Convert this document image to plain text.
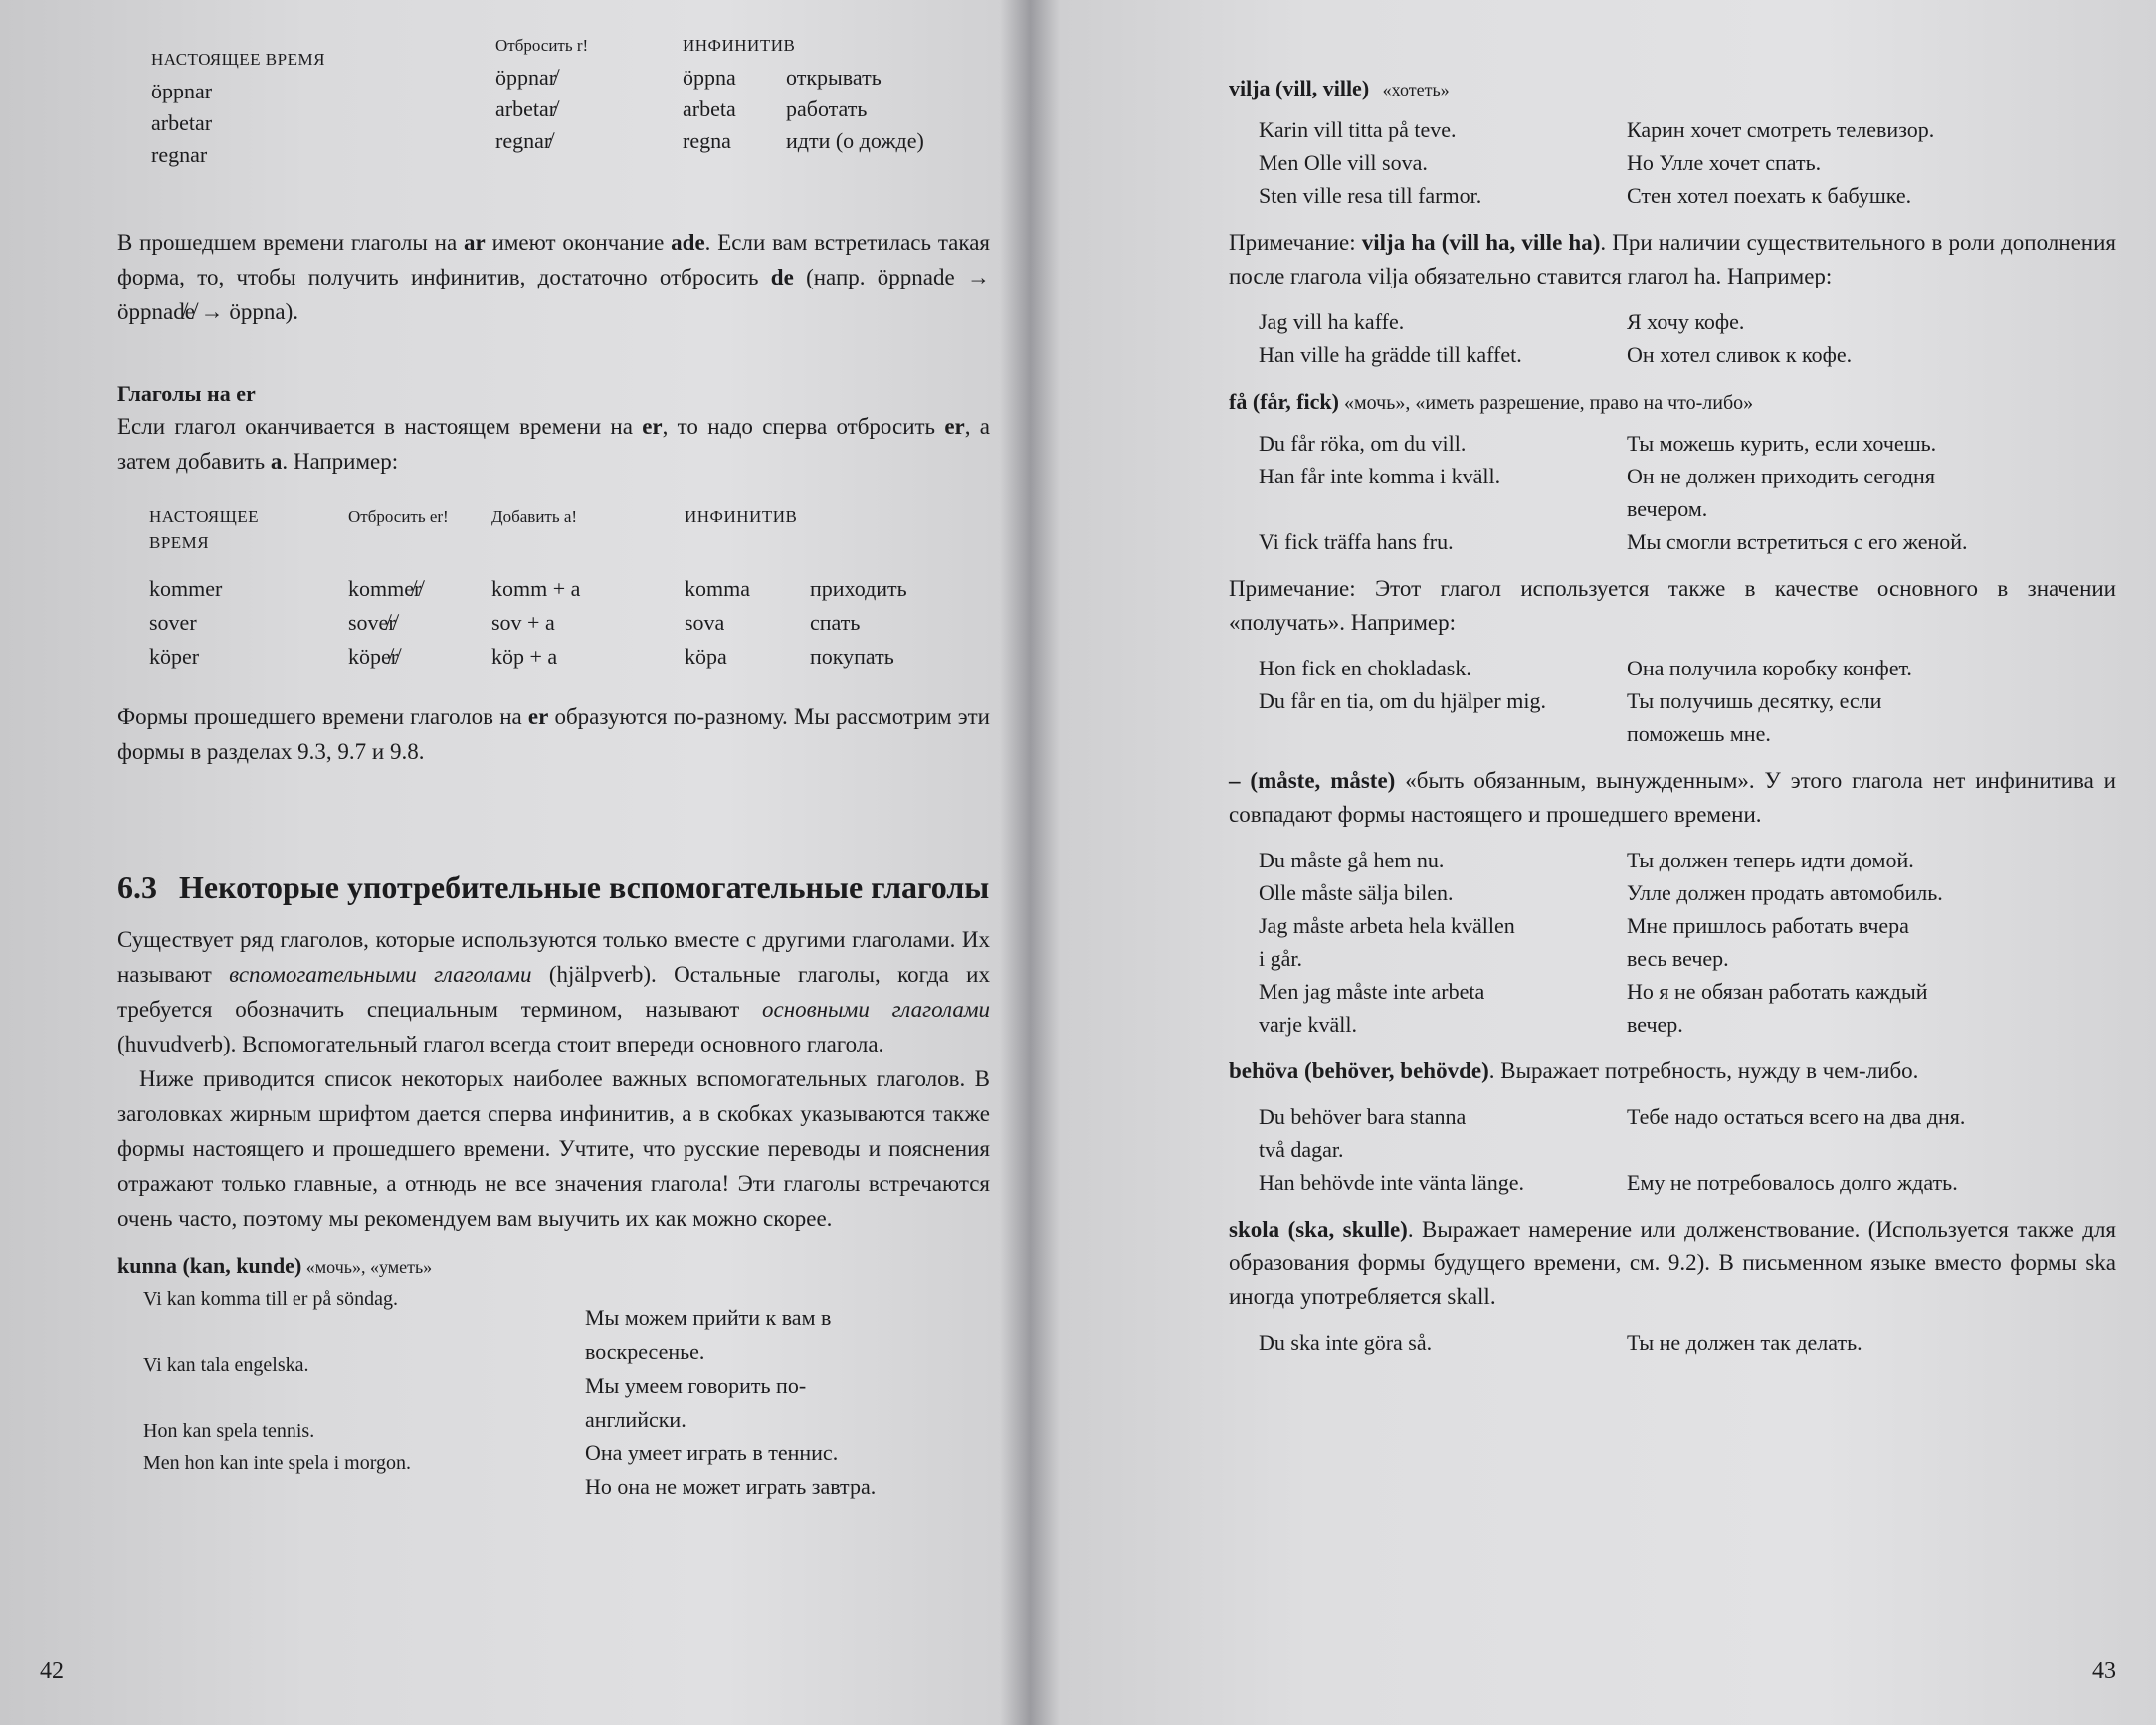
НАСТОЯЩЕЕ ВРЕМЯ
öppnar
arbetar
regnar
Отбросить r!
öppnar̸
arbetar̸
regnar̸
ИНФИНИТИВ
öppna
arbeta
regna
открывать
работать
идти (о дожде)

В прошедшем времени глаголы на ar имеют окончание ade. Если вам встретилась такая форма, то, чтобы получить инфинитив, достаточно отбросить de (напр. öppnade → öppnad̸e̸ → öppna).

Глаголы на er

Если глагол оканчивается в настоящем времени на er, то надо сперва отбросить er, а затем добавить a. Например:

НАСТОЯЩЕЕ ВРЕМЯ
kommer
sover
köper
Отбросить er!
komme̸r̸
sove̸r̸
köpe̸r̸
Добавить a!
komm + a
sov + a
köp + a
ИНФИНИТИВ
komma
sova
köpa
приходить
спать
покупать

Формы прошедшего времени глаголов на er образуются по-разному. Мы рассмотрим эти формы в разделах 9.3, 9.7 и 9.8.

6.3 Некоторые употребительные вспомогательные глаголы

Существует ряд глаголов, которые используются только вместе с другими глаголами. Их называют вспомогательными глаголами (hjälpverb). Остальные глаголы, когда их требуется обозначить специальным термином, называют основными глаголами (huvudverb). Вспомогательный глагол всегда стоит впереди основного глагола.

Ниже приводится список некоторых наиболее важных вспомогательных глаголов. В заголовках жирным шрифтом дается сперва инфинитив, а в скобках указываются также формы настоящего и прошедшего времени. Учтите, что русские переводы и пояснения отражают только главные, а отнюдь не все значения глагола! Эти глаголы встречаются очень часто, поэтому мы рекомендуем вам выучить их как можно скорее.

kunna (kan, kunde) «мочь», «уметь»
Vi kan komma till er på söndag.

Vi kan tala engelska.

Hon kan spela tennis.
Men hon kan inte spela i morgon.
Мы можем прийти к вам в
воскресенье.
Мы умеем говорить по-
английски.
Она умеет играть в теннис.
Но она не может играть завтра.
42
vilja (vill, ville) «хотеть»
Karin vill titta på teve.
Men Olle vill sova.
Sten ville resa till farmor.
Карин хочет смотреть телевизор.
Но Улле хочет спать.
Стен хотел поехать к бабушке.

Примечание: vilja ha (vill ha, ville ha). При наличии существительного в роли дополнения после глагола vilja обязательно ставится глагол ha. Например:

Jag vill ha kaffe.
Han ville ha grädde till kaffet.
Я хочу кофе.
Он хотел сливок к кофе.
få (får, fick) «мочь», «иметь разрешение, право на что-либо»
Du får röka, om du vill.
Han får inte komma i kväll.

Vi fick träffa hans fru.
Ты можешь курить, если хочешь.
Он не должен приходить сегодня
вечером.
Мы смогли встретиться с его женой.

Примечание: Этот глагол используется также в качестве основного в значении «получать». Например:

Hon fick en chokladask.
Du får en tia, om du hjälper mig.

Она получила коробку конфет.
Ты получишь десятку, если
поможешь мне.

– (måste, måste) «быть обязанным, вынужденным». У этого глагола нет инфинитива и совпадают формы настоящего и прошедшего времени.

Du måste gå hem nu.
Olle måste sälja bilen.
Jag måste arbeta hela kvällen
i går.
Men jag måste inte arbeta
varje kväll.
Ты должен теперь идти домой.
Улле должен продать автомобиль.
Мне пришлось работать вчера
весь вечер.
Но я не обязан работать каждый
вечер.

behöva (behöver, behövde). Выражает потребность, нужду в чем-либо.

Du behöver bara stanna
två dagar.
Han behövde inte vänta länge.
Тебе надо остаться всего на два дня.

Ему не потребовалось долго ждать.

skola (ska, skulle). Выражает намерение или долженствование. (Используется также для образования формы будущего времени, см. 9.2). В письменном языке вместо формы ska иногда употребляется skall.

Du ska inte göra så.	Ты не должен так делать.
43
